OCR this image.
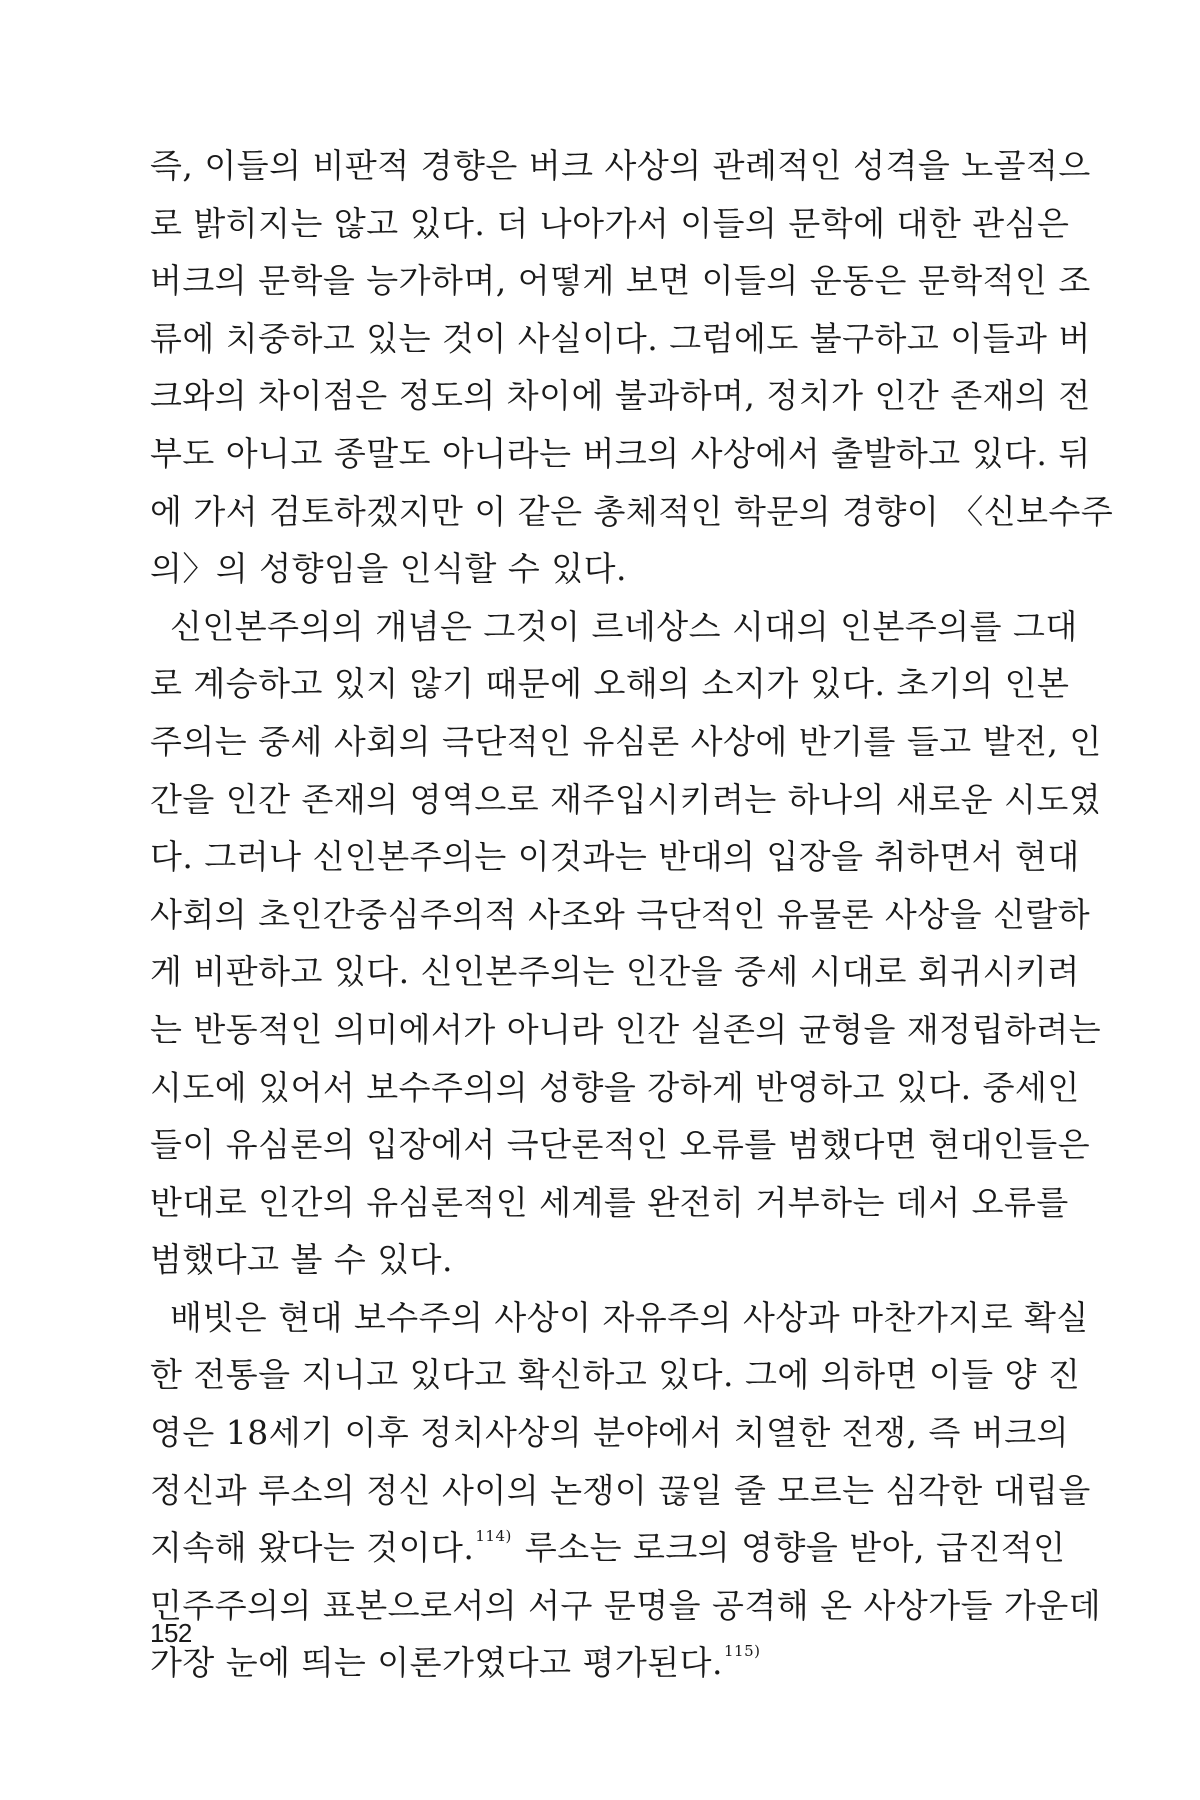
즉, 이들의 비판적 경향은 버크 사상의 관례적인 성격을 노골적으
로 밝히지는 않고 있다. 더 나아가서 이들의 문학에 대한 관심은
버크의 문학을 능가하며, 어떻게 보면 이들의 운동은 문학적인 조
류에 치중하고 있는 것이 사실이다. 그럼에도 불구하고 이들과 버
크와의 차이점은 정도의 차이에 불과하며, 정치가 인간 존재의 전
부도 아니고 종말도 아니라는 버크의 사상에서 출발하고 있다. 뒤
에 가서 검토하겠지만 이 같은 총체적인 학문의 경향이 〈신보수주
의〉의 성향임을 인식할 수 있다.
신인본주의의 개념은 그것이 르네상스 시대의 인본주의를 그대
로 계승하고 있지 않기 때문에 오해의 소지가 있다. 초기의 인본
주의는 중세 사회의 극단적인 유심론 사상에 반기를 들고 발전, 인
간을 인간 존재의 영역으로 재주입시키려는 하나의 새로운 시도였
다. 그러나 신인본주의는 이것과는 반대의 입장을 취하면서 현대
사회의 초인간중심주의적 사조와 극단적인 유물론 사상을 신랄하
게 비판하고 있다. 신인본주의는 인간을 중세 시대로 회귀시키려
는 반동적인 의미에서가 아니라 인간 실존의 균형을 재정립하려는
시도에 있어서 보수주의의 성향을 강하게 반영하고 있다. 중세인
들이 유심론의 입장에서 극단론적인 오류를 범했다면 현대인들은
반대로 인간의 유심론적인 세계를 완전히 거부하는 데서 오류를
범했다고 볼 수 있다.
배빗은 현대 보수주의 사상이 자유주의 사상과 마찬가지로 확실
한 전통을 지니고 있다고 확신하고 있다. 그에 의하면 이들 양 진
영은 18세기 이후 정치사상의 분야에서 치열한 전쟁, 즉 버크의
정신과 루소의 정신 사이의 논쟁이 끊일 줄 모르는 심각한 대립을
지속해 왔다는 것이다.$^{114)}$ 루소는 로크의 영향을 받아, 급진적인
민주주의의 표본으로서의 서구 문명을 공격해 온 사상가들 가운데
가장 눈에 띄는 이론가였다고 평가된다.$^{115)}$
152
